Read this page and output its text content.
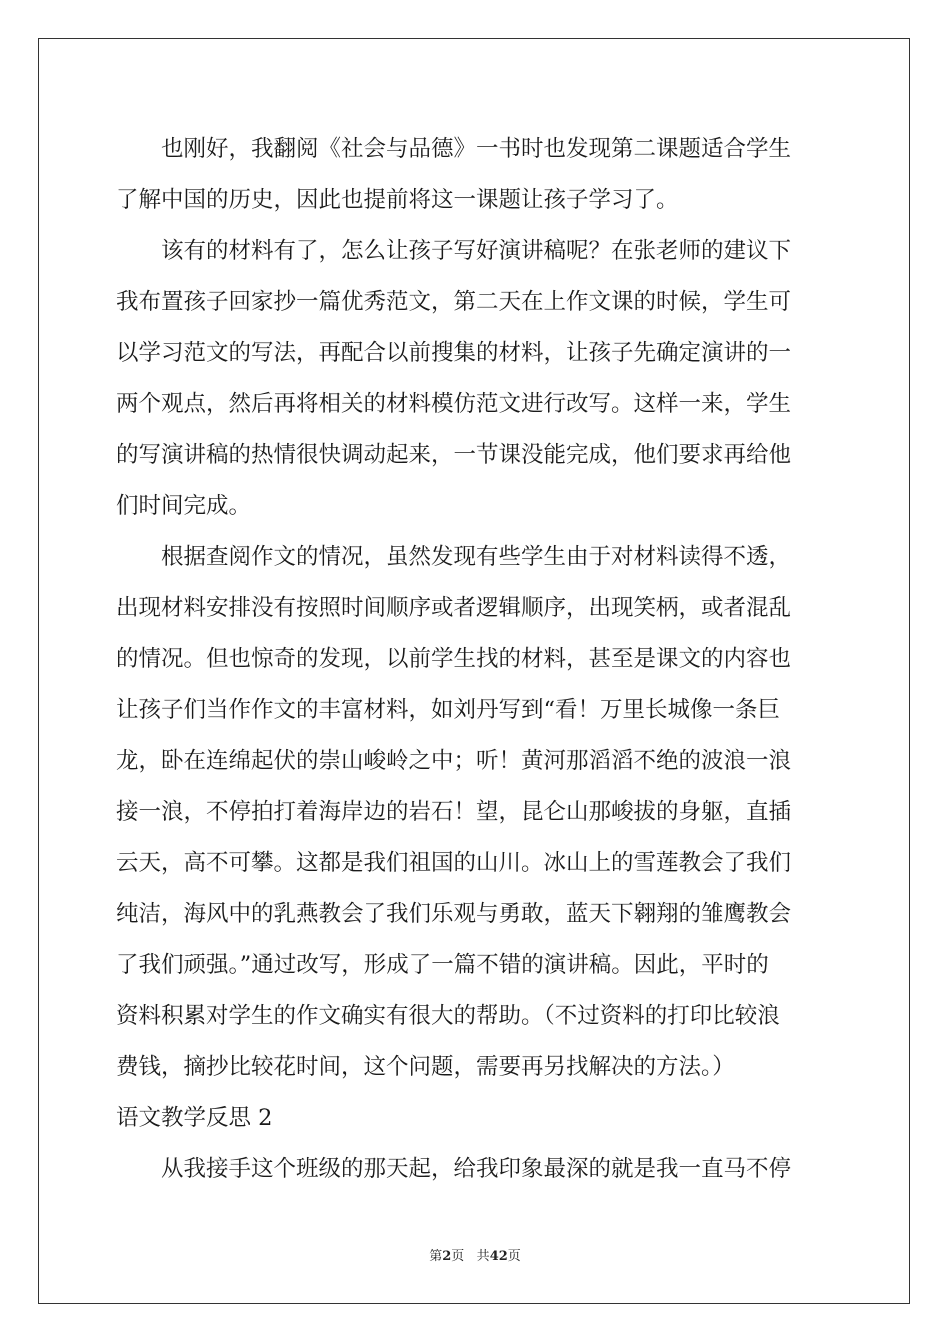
也刚好，我翻阅《社会与品德》一书时也发现第二课题适合学生
了解中国的历史，因此也提前将这一课题让孩子学习了。

该有的材料有了，怎么让孩子写好演讲稿呢？在张老师的建议下
我布置孩子回家抄一篇优秀范文，第二天在上作文课的时候，学生可
以学习范文的写法，再配合以前搜集的材料，让孩子先确定演讲的一
两个观点，然后再将相关的材料模仿范文进行改写。这样一来，学生
的写演讲稿的热情很快调动起来，一节课没能完成，他们要求再给他
们时间完成。

根据查阅作文的情况，虽然发现有些学生由于对材料读得不透，
出现材料安排没有按照时间顺序或者逻辑顺序，出现笑柄，或者混乱
的情况。但也惊奇的发现，以前学生找的材料，甚至是课文的内容也
让孩子们当作作文的丰富材料，如刘丹写到“看！万里长城像一条巨
龙，卧在连绵起伏的崇山峻岭之中；听！黄河那滔滔不绝的波浪一浪
接一浪，不停拍打着海岸边的岩石！望，昆仑山那峻拔的身躯，直插
云天，高不可攀。这都是我们祖国的山川。冰山上的雪莲教会了我们
纯洁，海风中的乳燕教会了我们乐观与勇敢，蓝天下翱翔的雏鹰教会
了我们顽强。”通过改写，形成了一篇不错的演讲稿。因此，平时的
资料积累对学生的作文确实有很大的帮助。（不过资料的打印比较浪
费钱，摘抄比较花时间，这个问题，需要再另找解决的方法。）

语文教学反思 2

从我接手这个班级的那天起，给我印象最深的就是我一直马不停

第2页 共42页
